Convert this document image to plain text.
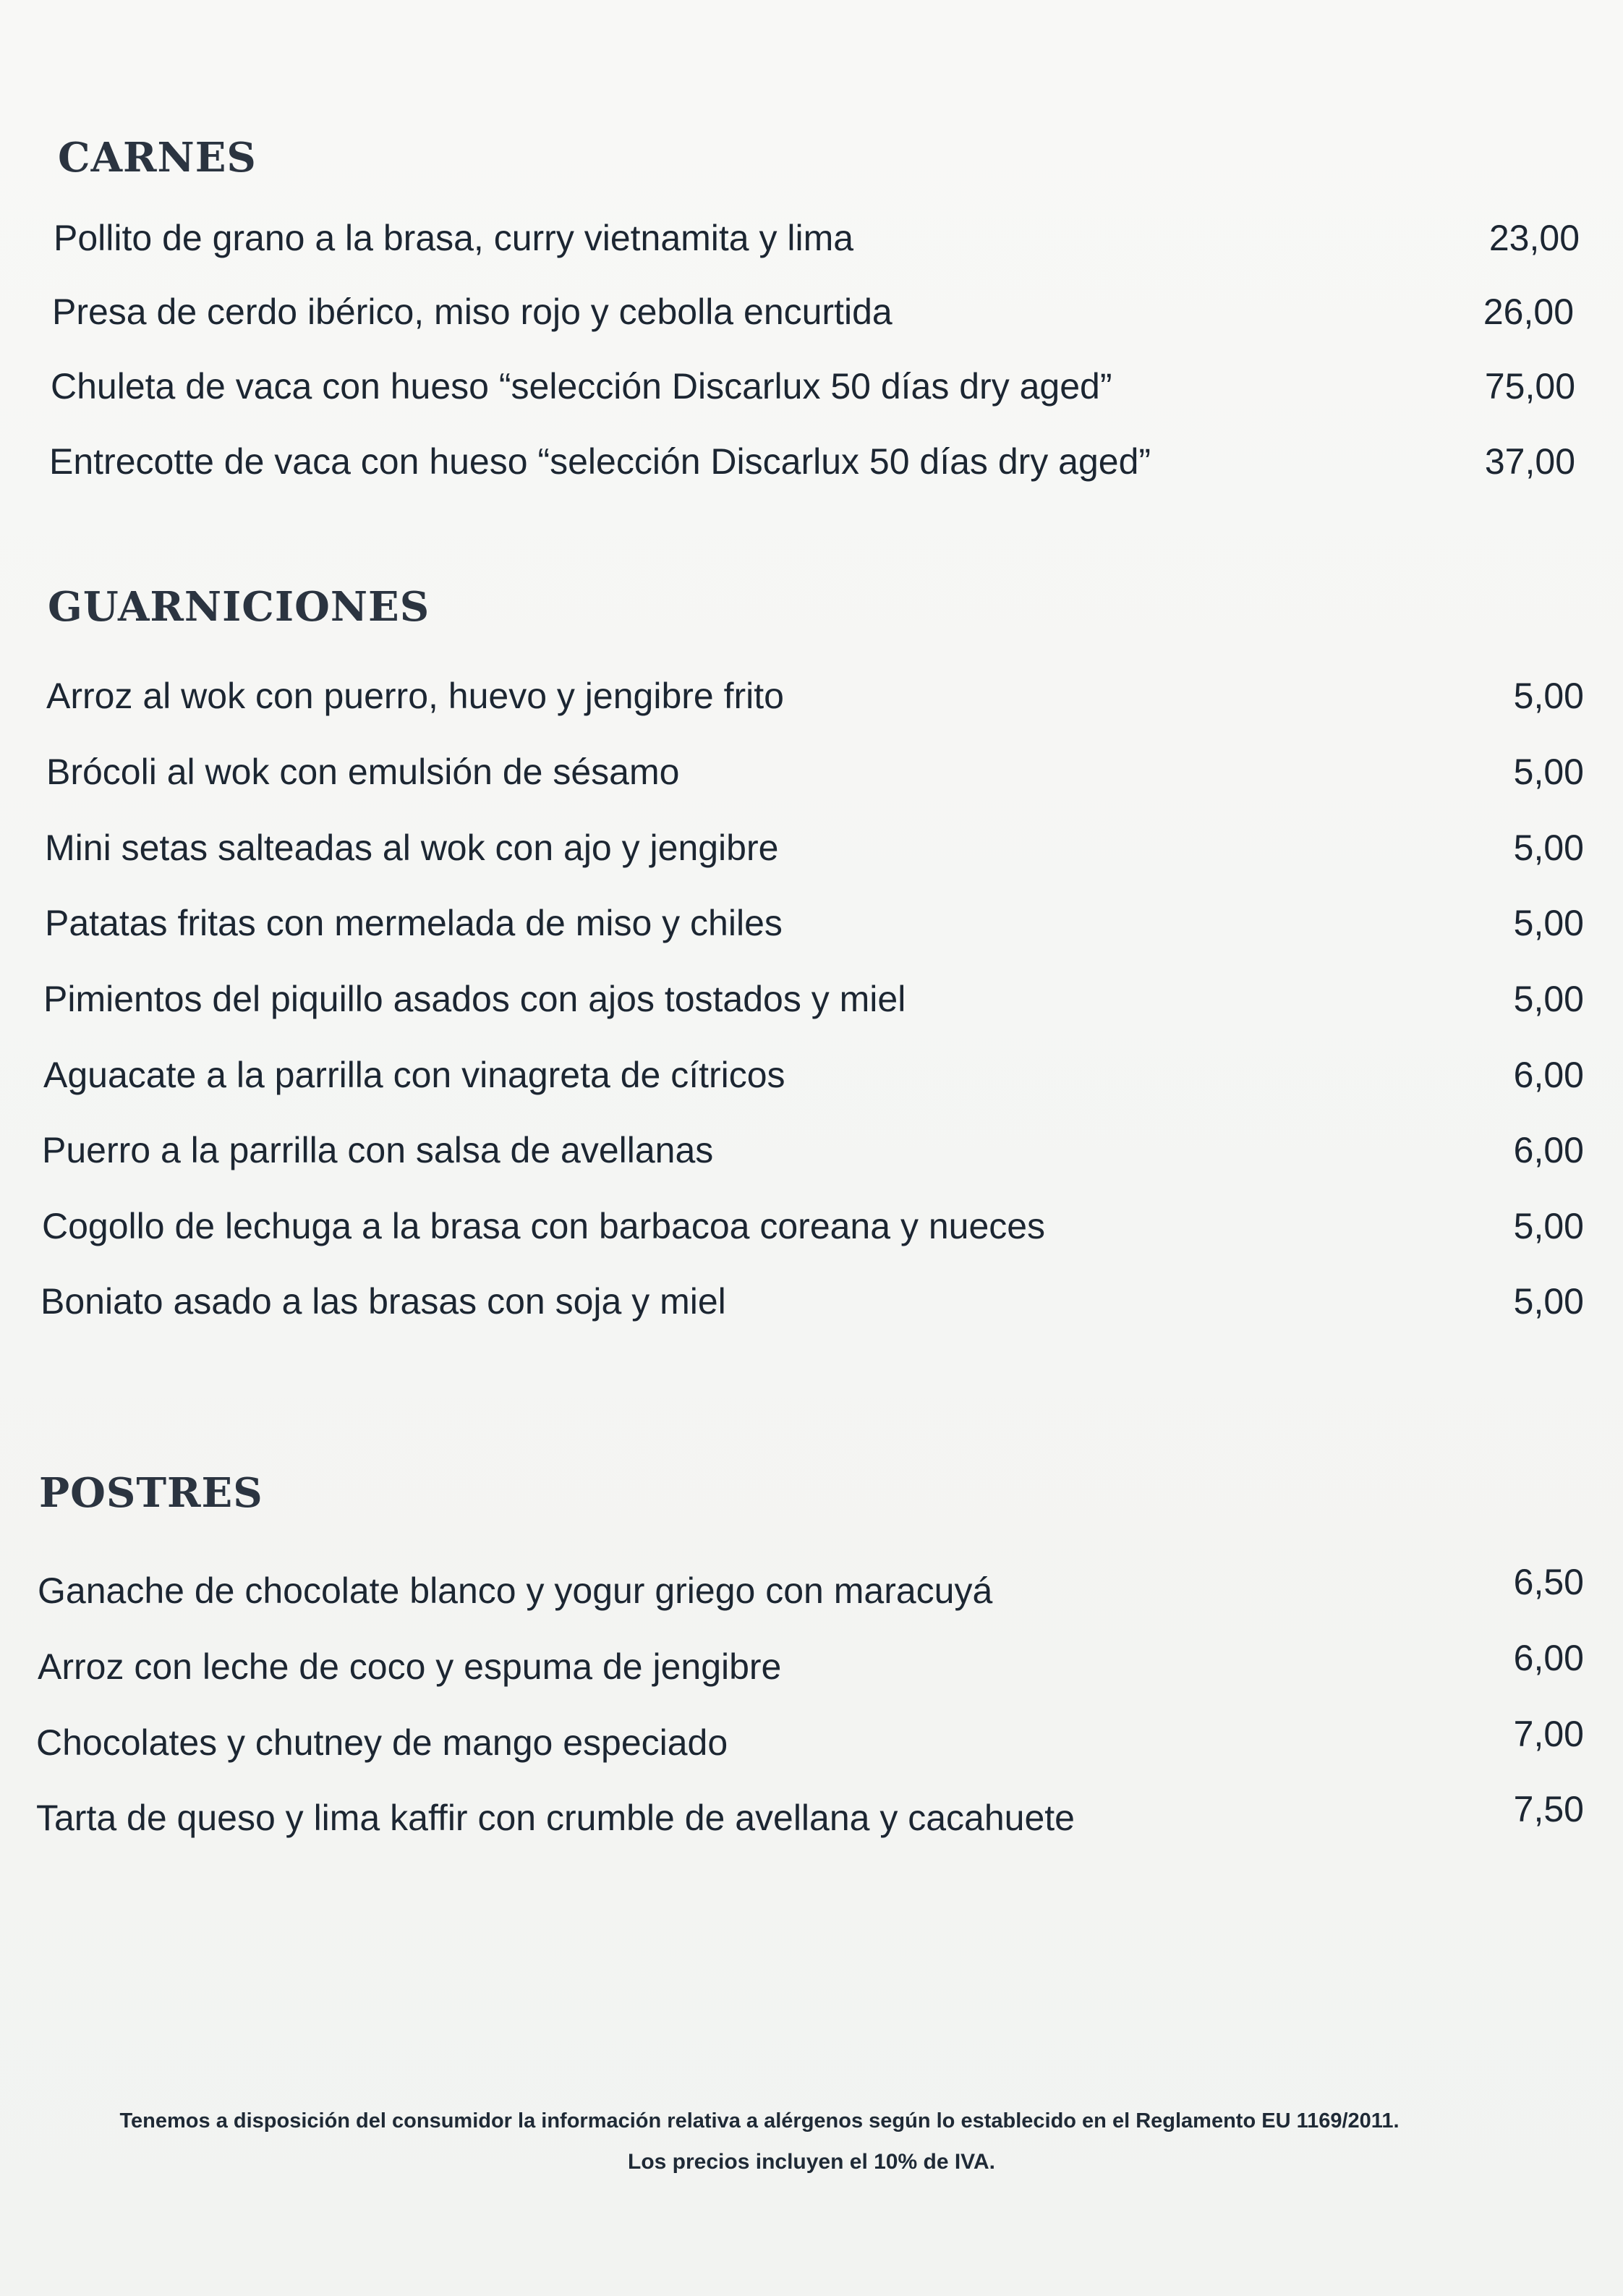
CARNES
Pollito de grano a la brasa, curry vietnamita y lima	23,00
Presa de cerdo ibérico, miso rojo y cebolla encurtida	26,00
Chuleta de vaca con hueso “selección Discarlux 50 días dry aged”	75,00
Entrecotte de vaca con hueso “selección Discarlux 50 días dry aged”	37,00
GUARNICIONES
Arroz al wok con puerro, huevo y jengibre frito	5,00
Brócoli al wok con emulsión de sésamo	5,00
Mini setas salteadas al wok con ajo y jengibre	5,00
Patatas fritas con mermelada de miso y chiles	5,00
Pimientos del piquillo asados con ajos tostados y miel	5,00
Aguacate a la parrilla con vinagreta de cítricos	6,00
Puerro a la parrilla con salsa de avellanas	6,00
Cogollo de lechuga a la brasa con barbacoa coreana y nueces	5,00
Boniato asado a las brasas con soja y miel	5,00
POSTRES
Ganache de chocolate blanco y yogur griego con maracuyá	6,50
Arroz con leche de coco y espuma de jengibre	6,00
Chocolates y chutney de mango especiado	7,00
Tarta de queso y lima kaffir con crumble de avellana y cacahuete	7,50
Tenemos a disposición del consumidor la información relativa a alérgenos según lo establecido en el Reglamento EU 1169/2011.
Los precios incluyen el 10% de IVA.
